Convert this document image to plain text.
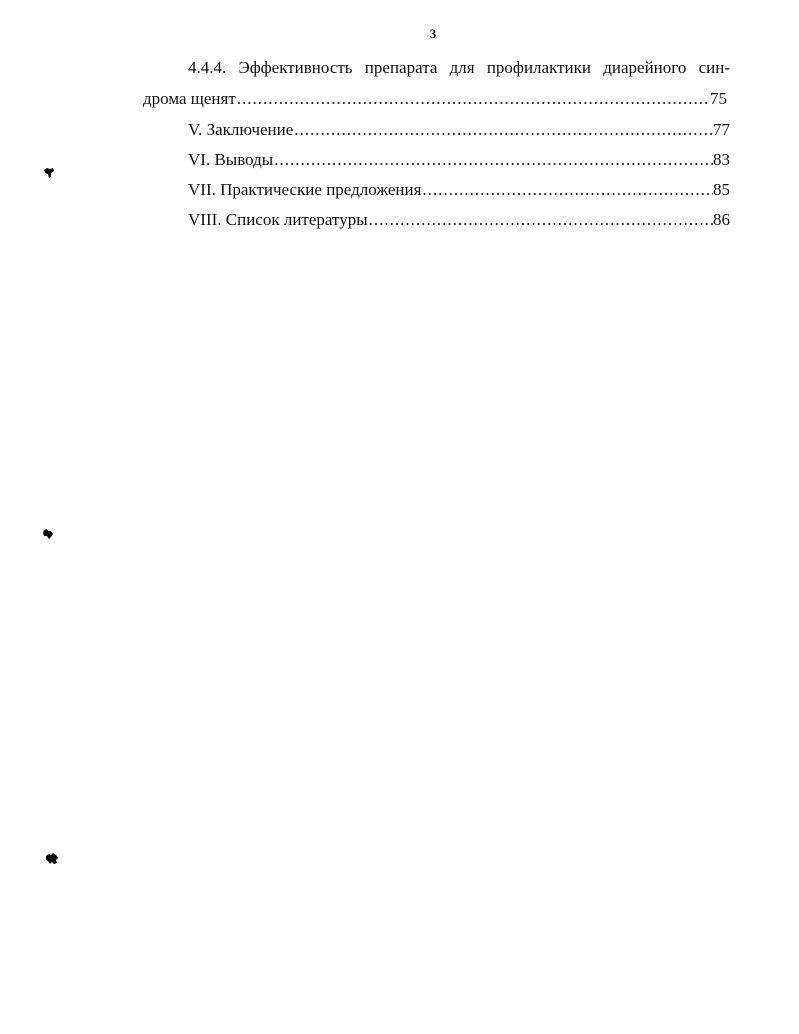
3
4.4.4. Эффективность препарата для профилактики диарейного син-
дрома щенят .....	75
V. Заключение .....	77
VI. Выводы .....	83
VII. Практические предложения .....	85
VIII. Список литературы .....	86
